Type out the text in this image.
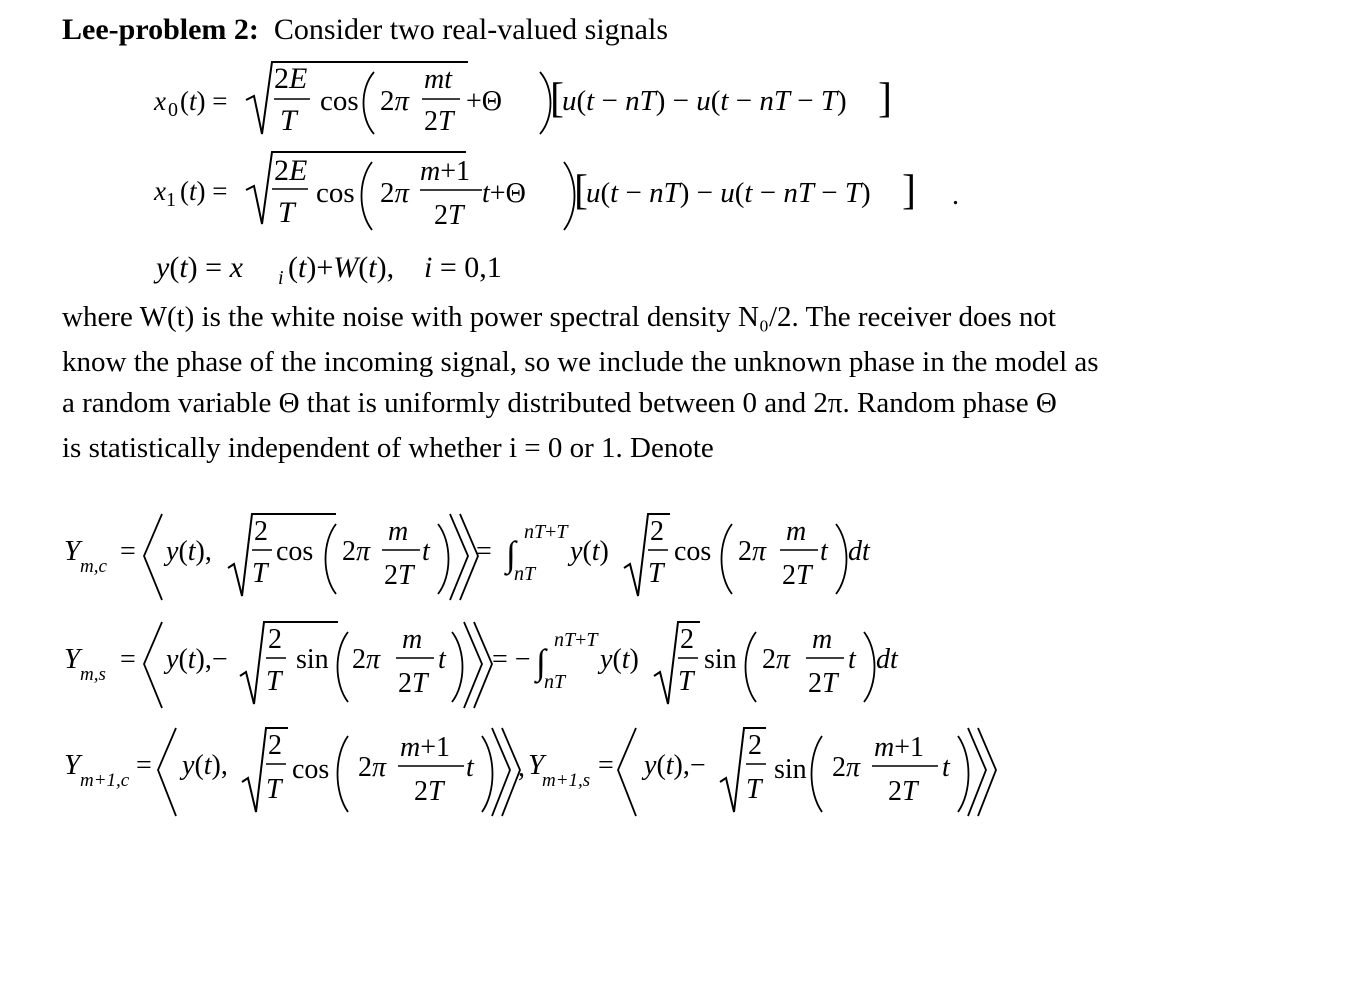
Lee-problem 2: Consider two real-valued signals
x 0 (t) =
2E
T
cos 2π
mt
2T
+Θ [
u(t − nT) − u(t − nT − T) ]
x 1 (t) =
2E
T
cos 2π
m+1
2T
t+Θ [
u(t − nT) − u(t − nT − T) ] .
y(t) = x i (t)+W(t), i = 0,1
where W(t) is the white noise with power spectral density N₀/2. The receiver does not
know the phase of the incoming signal, so we include the unknown phase in the model as
a random variable Θ that is uniformly distributed between 0 and 2π. Random phase Θ
is statistically independent of whether i = 0 or 1. Denote
Y m,c = y(t),
2
T
cos 2π
m
2T
t = ∫
nT+T
nT
y(t)
2
T
cos 2π
m
2T
t dt
Y m,s = y(t),−
2
T
sin 2π
m
2T
t = − ∫
nT+T
nT
y(t)
2
T
sin 2π
m
2T
t dt
Y m+1,c = y(t),
2
T
cos 2π
m+1
2T
t , Y
m+1,s = y(t),−
2
T
sin 2π
m+1
2T
t
